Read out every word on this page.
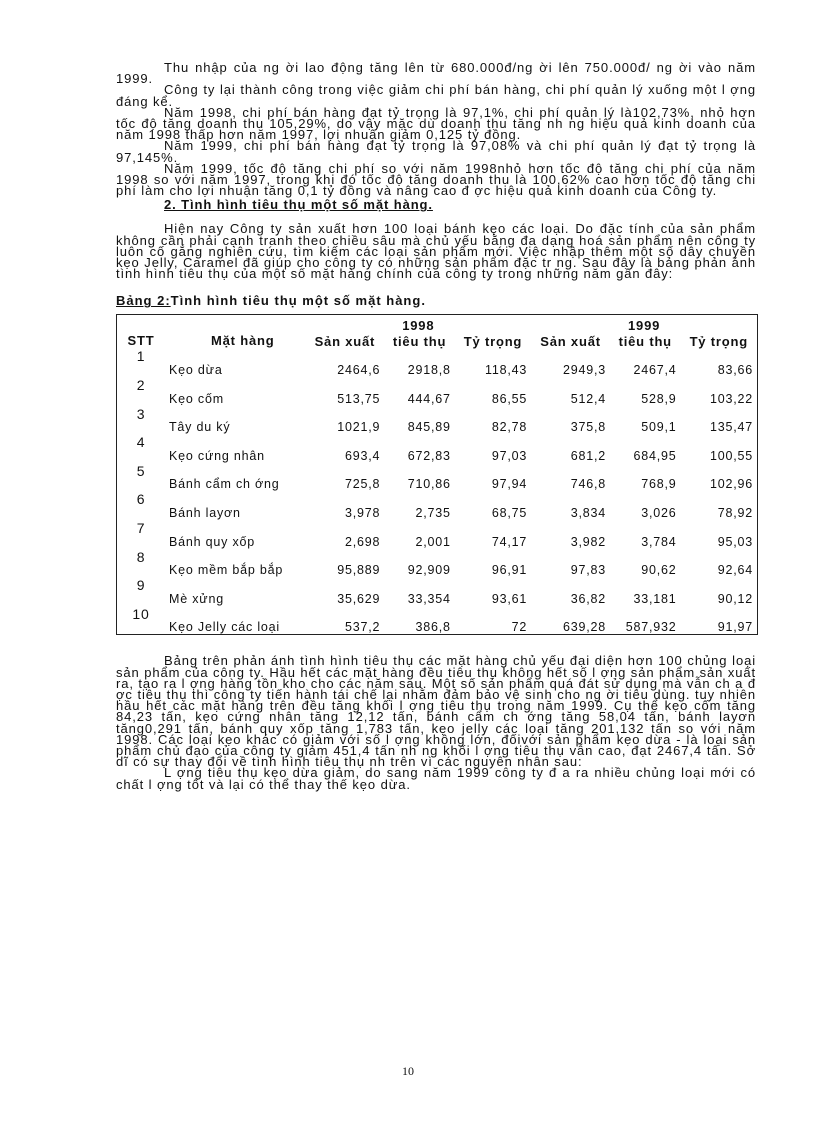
Thu nhập của ng ời lao động tăng lên từ 680.000đ/ng ời lên 750.000đ/ ng ời vào năm 1999.

Công ty lại thành công trong việc giảm chi phí bán hàng, chi phí quản lý xuống một l ợng đáng kể.

Năm 1998, chi phí bán hàng đạt tỷ trọng là 97,1%, chi phí quản lý là102,73%, nhỏ hơn tốc độ tăng doanh thu 105,29%, do vậy mặc dù doanh thu tăng nh ng hiệu quả kinh doanh của năm 1998 thấp hơn năm 1997, lợi nhuận giảm 0,125 tỷ đồng.

Năm 1999, chi phí bán hàng đạt tỷ trọng là 97,08% và chi phí quản lý đạt tỷ trọng là 97,145%.

Năm 1999, tốc độ tăng chi phí so với năm 1998nhỏ hơn tốc độ tăng chi phí của năm 1998 so với năm 1997, trong khi đó tốc độ tăng doanh thu là 100,62% cao hơn tốc độ tăng chi phí làm cho lợi nhuận tăng 0,1 tỷ đồng và nâng cao đ ợc hiệu quả kinh doanh của Công ty.

2. Tình hình tiêu thụ một số mặt hàng.

Hiện nay Công ty sản xuất hơn 100 loại bánh kẹo các loại. Do đặc tính của sản phẩm không cần phải cạnh tranh theo chiều sâu mà chủ yếu bằng đa dạng hoá sản phẩm nên công ty luôn cố gắng nghiên cứu, tìm kiếm các loại sản phẩm mới. Việc nhập thêm một số dây chuyền kẹo Jelly, Caramel đã giúp cho công ty có những sản phẩm đặc tr ng. Sau đây là bảng phản ánh tình hình tiêu thụ của một số mặt hàng chính của công ty trong những năm gần đây:

Bảng 2:Tình hình tiêu thụ một số mặt hàng.
STT	Mặt hàng	1998			1999		
		Sản xuất	tiêu thụ	Tỷ trọng	Sản xuất	tiêu thụ	Tỷ trọng
1	Kẹo dừa	2464,6	2918,8	118,43	2949,3	2467,4	83,66
2	Kẹo cốm	513,75	444,67	86,55	512,4	528,9	103,22
3	Tây du ký	1021,9	845,89	82,78	375,8	509,1	135,47
4	Kẹo cứng nhân	693,4	672,83	97,03	681,2	684,95	100,55
5	Bánh cẩm ch ớng	725,8	710,86	97,94	746,8	768,9	102,96
6	Bánh layơn	3,978	2,735	68,75	3,834	3,026	78,92
7	Bánh quy xốp	2,698	2,001	74,17	3,982	3,784	95,03
8	Kẹo mềm bắp bắp	95,889	92,909	96,91	97,83	90,62	92,64
9	Mè xửng	35,629	33,354	93,61	36,82	33,181	90,12
10	Kẹo Jelly các loại	537,2	386,8	72	639,28	587,932	91,97

Bảng trên phản ánh tình hình tiêu thụ các mặt hàng chủ yếu đại diện hơn 100 chủng loại sản phẩm của công ty. Hầu hết các mặt hàng đều tiêu thụ không hết số l ợng sản phẩm sản xuất ra, tạo ra l ợng hàng tồn kho cho các năm sau. Một số sản phẩm quá đát sử dụng mà vẫn ch a đ ợc tiêu thụ thì công ty tiến hành tái chế lại nhằm đảm bảo vệ sinh cho ng ời tiêu dùng. tuy nhiên hầu hết các mặt hàng trên đều tăng khối l ợng tiêu thụ trong năm 1999. Cụ thể kẹo cốm tăng 84,23 tấn, kẹo cứng nhân tăng 12,12 tấn, bánh cẩm ch ớng tăng 58,04 tấn, bánh layơn tăng0,291 tấn, bánh quy xốp tăng 1,783 tấn, kẹo jelly các loại tăng 201,132 tấn so với năm 1998. Các loại kẹo khác có giảm với số l ợng không lớn, đốivới sản phẩm kẹo dừa - là loại sản phẩm chủ đạo của công ty giảm 451,4 tấn nh ng khối l ợng tiêu thụ vẫn cao, đạt 2467,4 tấn. Sở dĩ có sự thay đổi về tình hình tiêu thụ nh trên vì các nguyên nhân sau:

L ợng tiêu thụ kẹo dừa giảm, do sang năm 1999 công ty đ a ra nhiều chủng loại mới có chất l ợng tốt và lại có thể thay thế kẹo dừa.

10
